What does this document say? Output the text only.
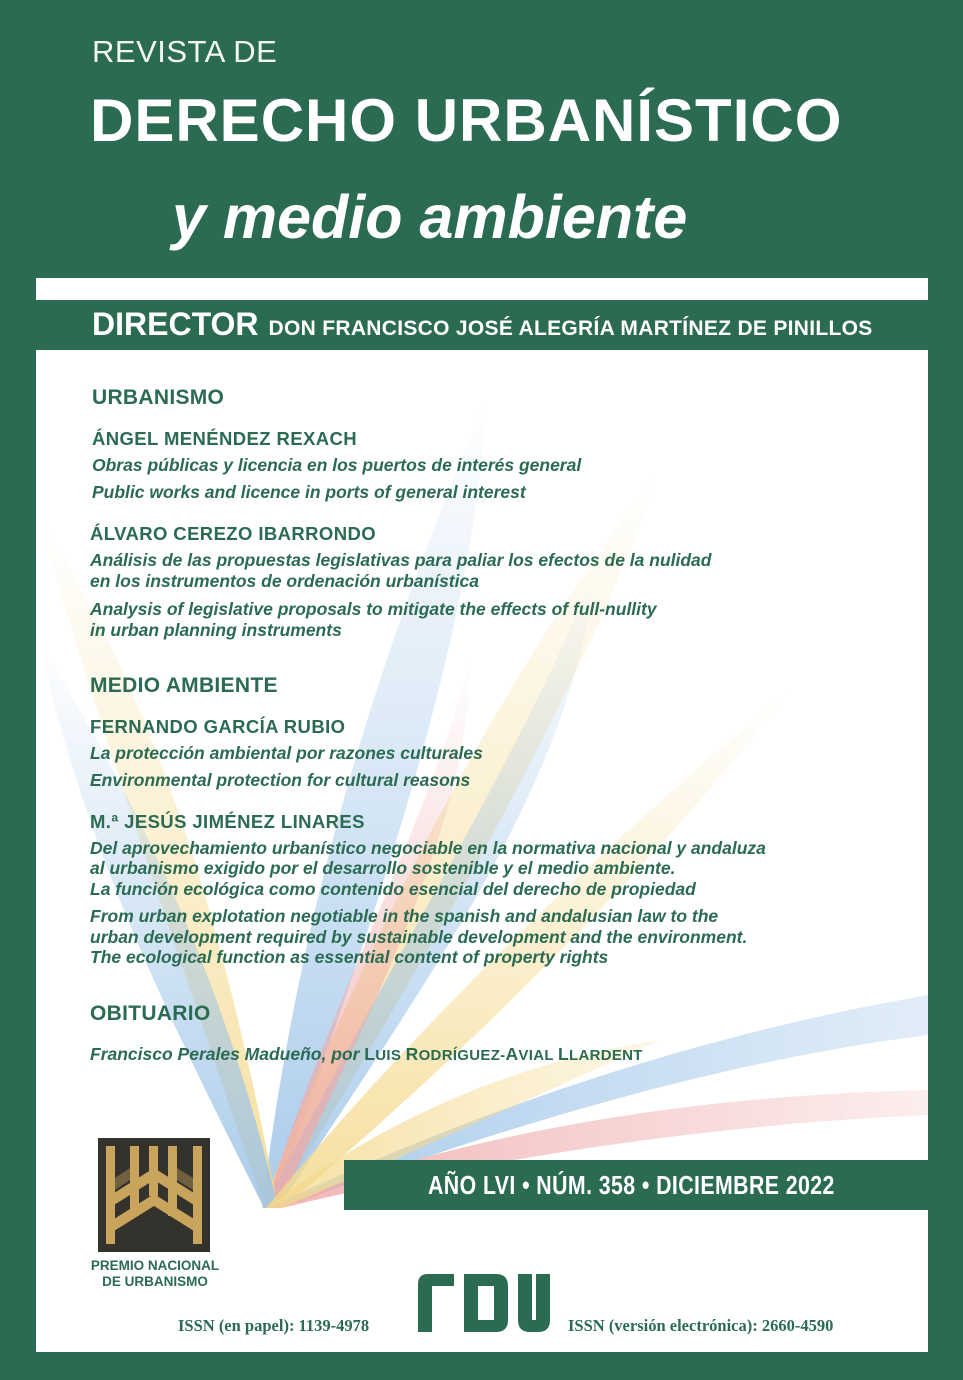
REVISTA DE
DERECHO URBANÍSTICO
y medio ambiente
DIRECTOR DON FRANCISCO JOSÉ ALEGRÍA MARTÍNEZ DE PINILLOS
URBANISMO
ÁNGEL MENÉNDEZ REXACH
Obras públicas y licencia en los puertos de interés general
Public works and licence in ports of general interest
ÁLVARO CEREZO IBARRONDO
Análisis de las propuestas legislativas para paliar los efectos de la nulidad
en los instrumentos de ordenación urbanística
Analysis of legislative proposals to mitigate the effects of full-nullity
in urban planning instruments
MEDIO AMBIENTE
FERNANDO GARCÍA RUBIO
La protección ambiental por razones culturales
Environmental protection for cultural reasons
M.ª JESÚS JIMÉNEZ LINARES
Del aprovechamiento urbanístico negociable en la normativa nacional y andaluza
al urbanismo exigido por el desarrollo sostenible y el medio ambiente.
La función ecológica como contenido esencial del derecho de propiedad
From urban explotation negotiable in the spanish and andalusian law to the
urban development required by sustainable development and the environment.
The ecological function as essential content of property rights
OBITUARIO
Francisco Perales Madueño, por LUIS RODRÍGUEZ-AVIAL LLARDENT
AÑO LVI • NÚM. 358 • DICIEMBRE 2022
PREMIO NACIONAL
DE URBANISMO
ISSN (en papel): 1139-4978	ISSN (versión electrónica): 2660-4590
